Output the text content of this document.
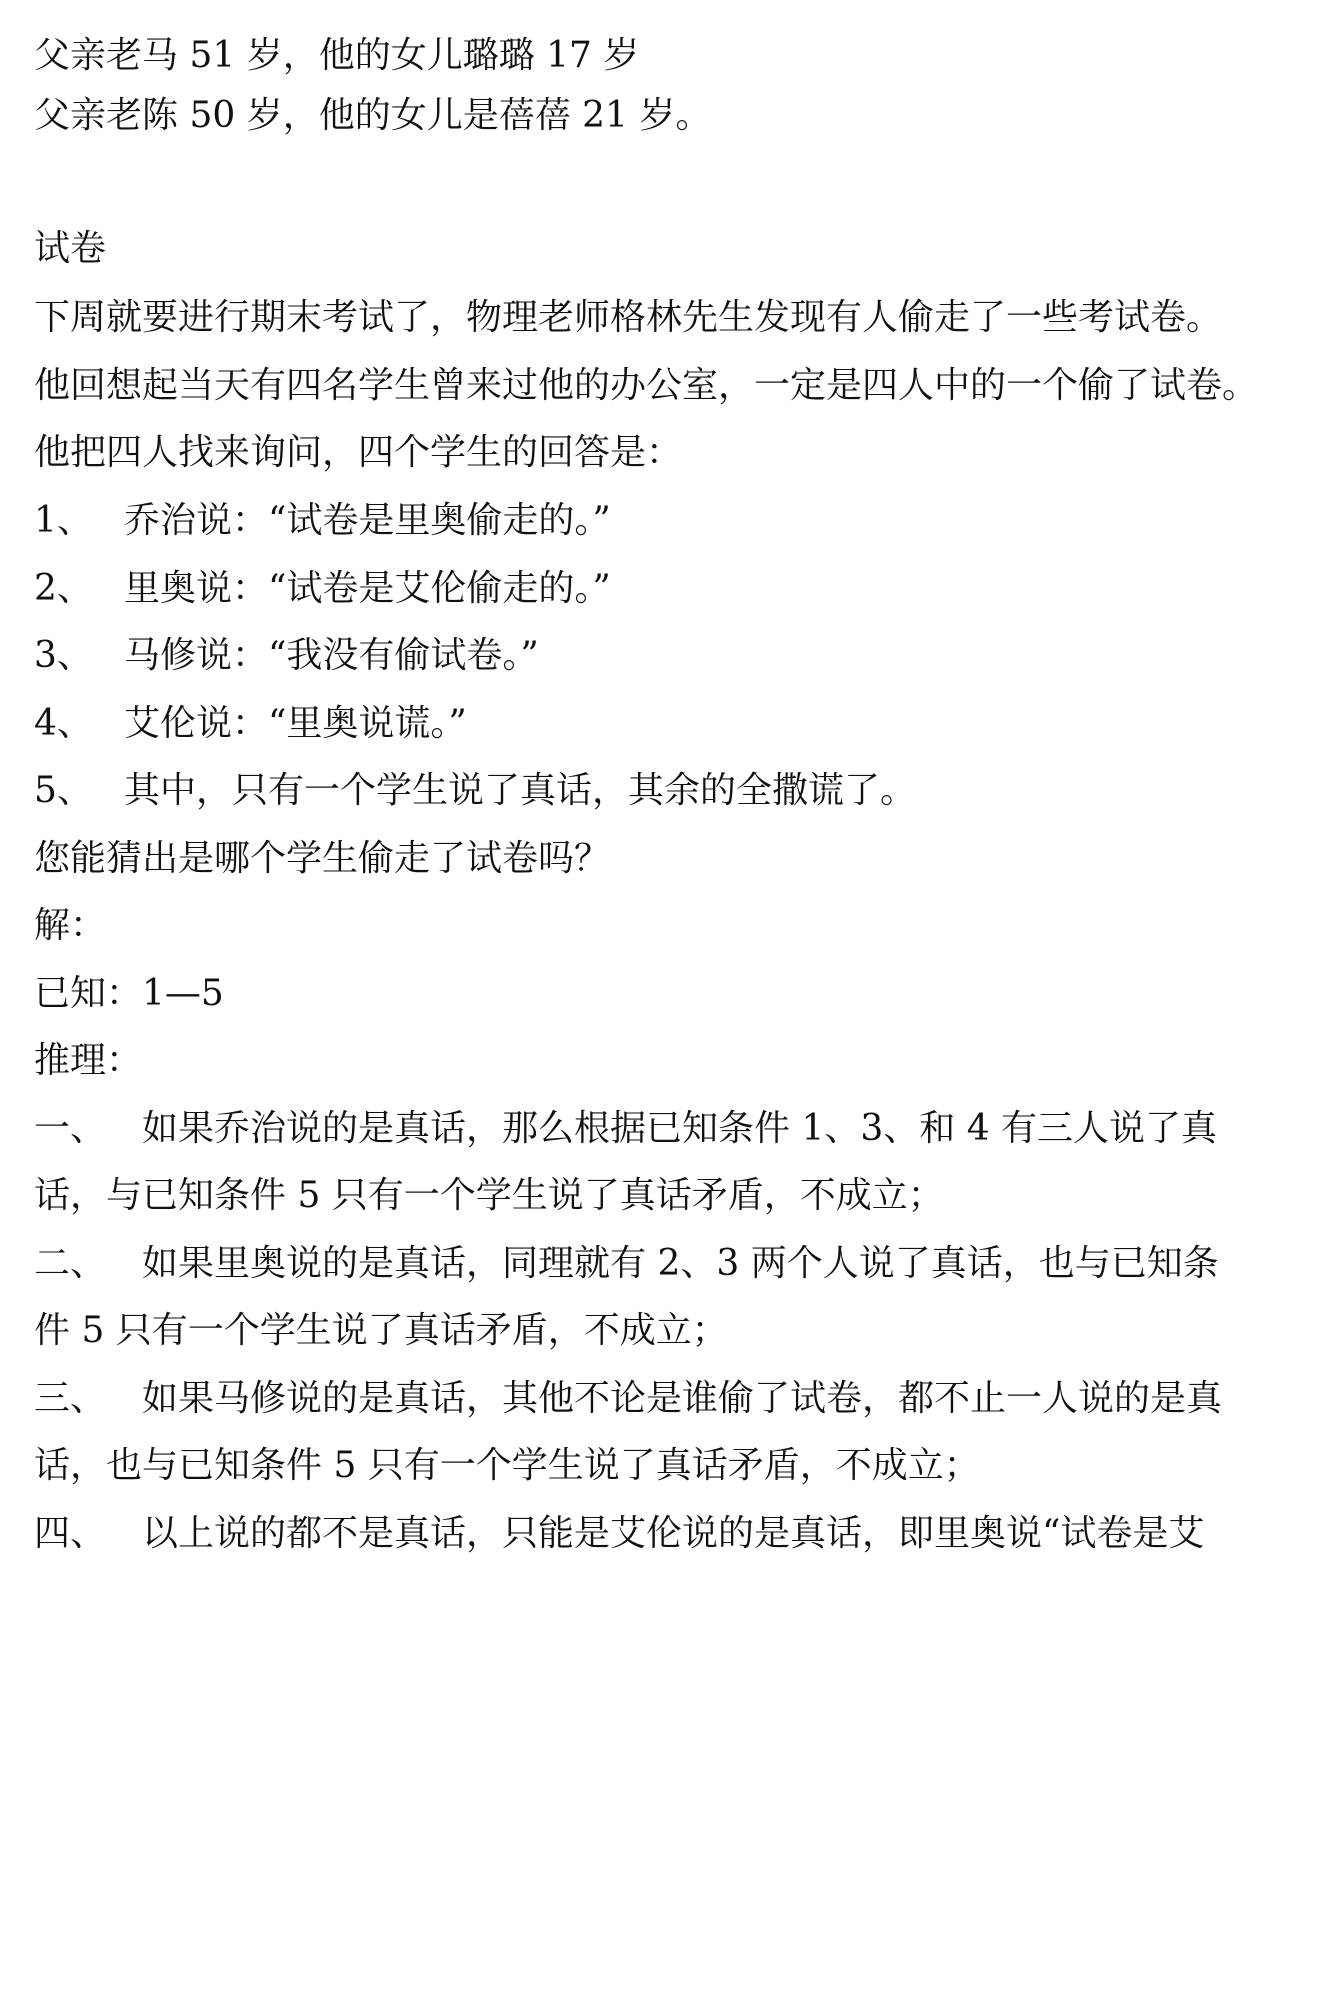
父亲老马 51 岁，他的女儿璐璐 17 岁
父亲老陈 50 岁，他的女儿是蓓蓓 21 岁。
试卷
下周就要进行期末考试了，物理老师格林先生发现有人偷走了一些考试卷。
他回想起当天有四名学生曾来过他的办公室，一定是四人中的一个偷了试卷。
他把四人找来询问，四个学生的回答是：
1、 乔治说：“试卷是里奥偷走的。”
2、 里奥说：“试卷是艾伦偷走的。”
3、 马修说：“我没有偷试卷。”
4、 艾伦说：“里奥说谎。”
5、 其中，只有一个学生说了真话，其余的全撒谎了。
您能猜出是哪个学生偷走了试卷吗？
解：
已知：1—5
推理：
一、 如果乔治说的是真话，那么根据已知条件 1、3、和 4 有三人说了真
话，与已知条件 5 只有一个学生说了真话矛盾，不成立；
二、 如果里奥说的是真话，同理就有 2、3 两个人说了真话，也与已知条
件 5 只有一个学生说了真话矛盾，不成立；
三、 如果马修说的是真话，其他不论是谁偷了试卷，都不止一人说的是真
话，也与已知条件 5 只有一个学生说了真话矛盾，不成立；
四、 以上说的都不是真话，只能是艾伦说的是真话，即里奥说“试卷是艾
